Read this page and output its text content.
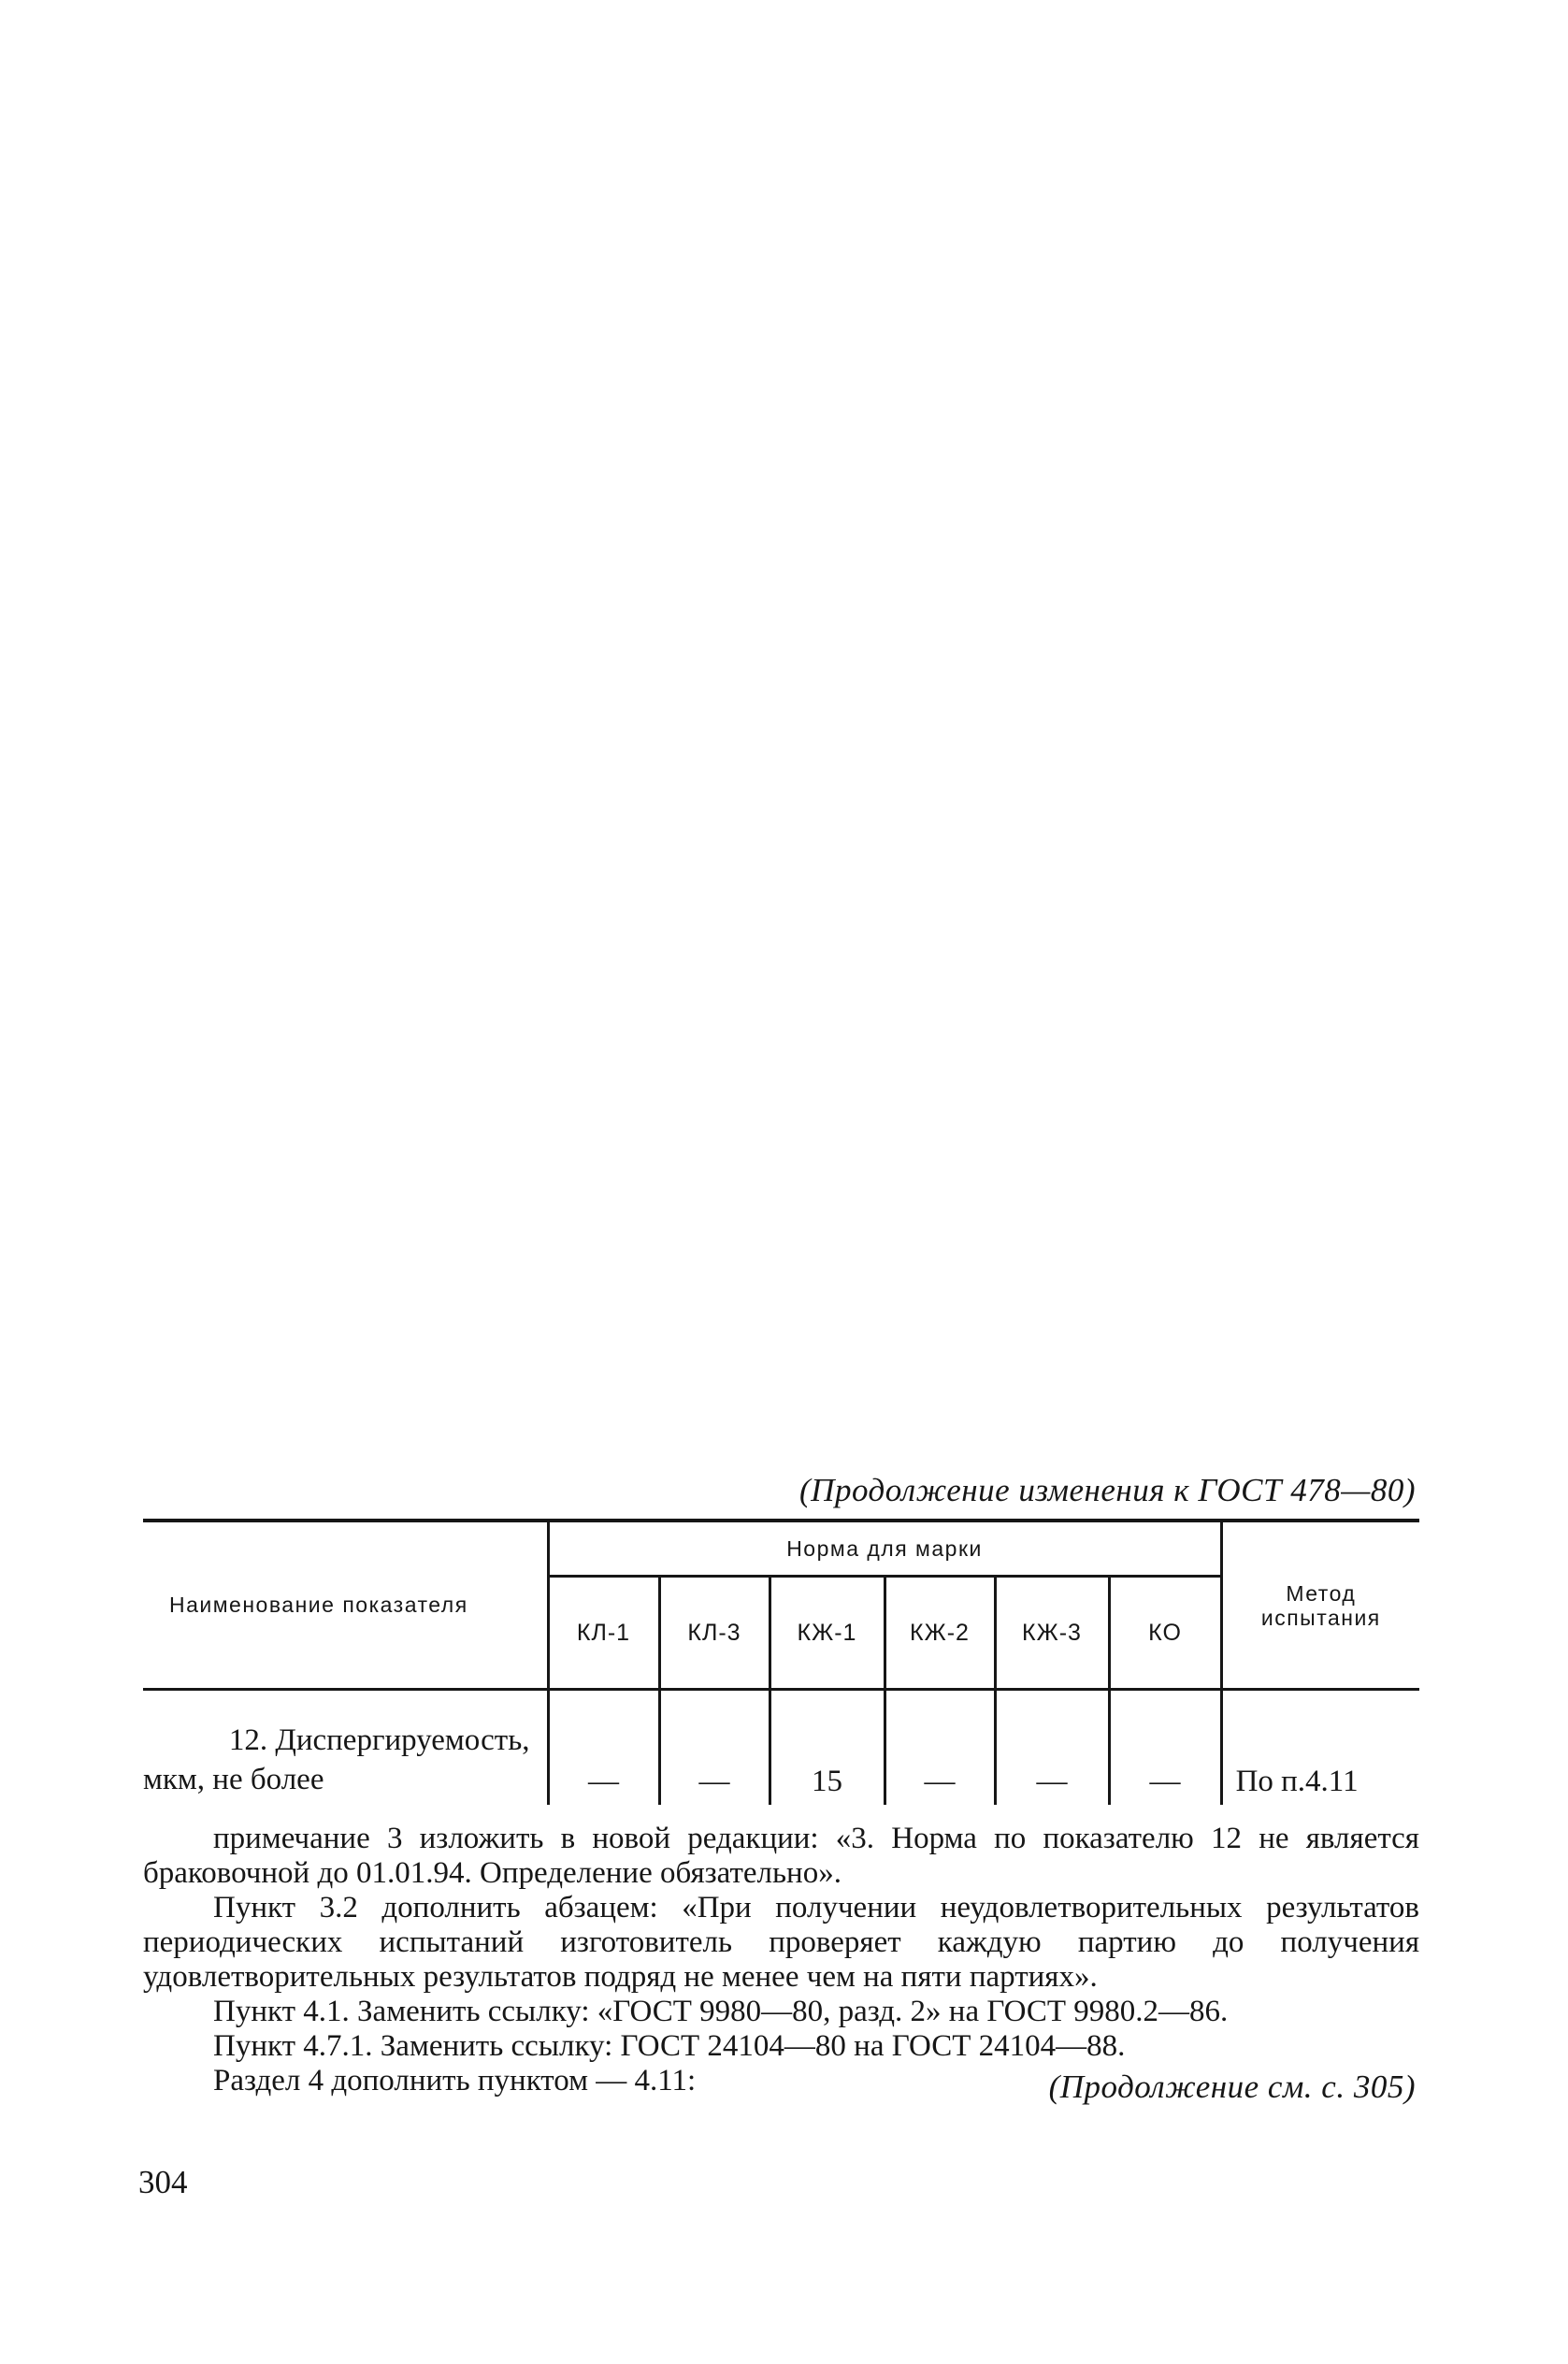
(Продолжение изменения к ГОСТ 478—80)
Наименование показателя	Норма для марки						Метод испытания
	КЛ-1	КЛ-3	КЖ-1	КЖ-2	КЖ-3	КО	
12. Диспергируемость,
мкм, не более	—	—	15	—	—	—	По п.4.11

примечание 3 изложить в новой редакции: «3. Норма по показателю 12 не является браковочной до 01.01.94. Определение обязательно».

Пункт 3.2 дополнить абзацем: «При получении неудовлетворительных результатов периодических испытаний изготовитель проверяет каждую партию до получения удовлетворительных результатов подряд не менее чем на пяти партиях».

Пункт 4.1. Заменить ссылку: «ГОСТ 9980—80, разд. 2» на ГОСТ 9980.2—86.

Пункт 4.7.1. Заменить ссылку: ГОСТ 24104—80 на ГОСТ 24104—88.

Раздел 4 дополнить пунктом — 4.11:	(Продолжение см. с. 305)
304
